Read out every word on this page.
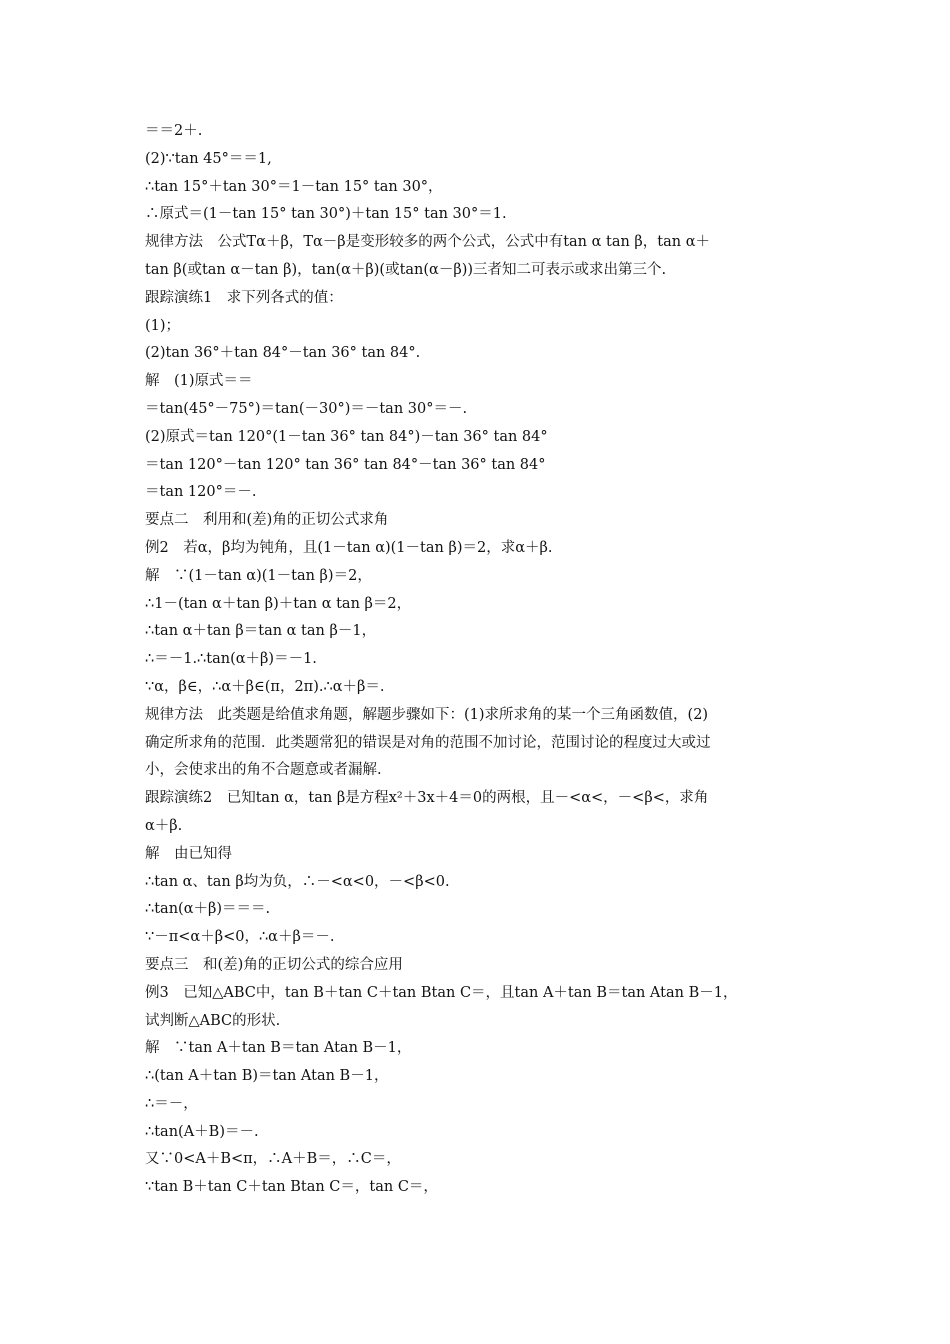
＝＝2＋.
(2)∵tan 45°＝＝1,
∴tan 15°＋tan 30°＝1－tan 15° tan 30°，
∴原式＝(1－tan 15° tan 30°)＋tan 15° tan 30°＝1.
规律方法　公式Tα＋β，Tα－β是变形较多的两个公式，公式中有tan α tan β，tan α＋
tan β(或tan α－tan β)，tan(α＋β)(或tan(α－β))三者知二可表示或求出第三个.
跟踪演练1　求下列各式的值：
(1)；
(2)tan 36°＋tan 84°－tan 36° tan 84°.
解　(1)原式＝＝
＝tan(45°－75°)＝tan(－30°)＝－tan 30°＝－.
(2)原式＝tan 120°(1－tan 36° tan 84°)－tan 36° tan 84°
＝tan 120°－tan 120° tan 36° tan 84°－tan 36° tan 84°
＝tan 120°＝－.
要点二　利用和(差)角的正切公式求角
例2　若α，β均为钝角，且(1－tan α)(1－tan β)＝2，求α＋β.
解　∵(1－tan α)(1－tan β)＝2，
∴1－(tan α＋tan β)＋tan α tan β＝2，
∴tan α＋tan β＝tan α tan β－1，
∴＝－1.∴tan(α＋β)＝－1.
∵α，β∈，∴α＋β∈(π，2π).∴α＋β＝.
规律方法　此类题是给值求角题，解题步骤如下：(1)求所求角的某一个三角函数值，(2)
确定所求角的范围．此类题常犯的错误是对角的范围不加讨论，范围讨论的程度过大或过
小，会使求出的角不合题意或者漏解.
跟踪演练2　已知tan α，tan β是方程x²＋3x＋4＝0的两根，且－<α<，－<β<，求角
α＋β.
解　由已知得
∴tan α、tan β均为负，∴－<α<0，－<β<0.
∴tan(α＋β)＝＝＝.
∵－π<α＋β<0，∴α＋β＝－.
要点三　和(差)角的正切公式的综合应用
例3　已知△ABC中，tan B＋tan C＋tan Btan C＝，且tan A＋tan B＝tan Atan B－1，
试判断△ABC的形状.
解　∵tan A＋tan B＝tan Atan B－1，
∴(tan A＋tan B)＝tan Atan B－1，
∴＝－，
∴tan(A＋B)＝－.
又∵0<A＋B<π，∴A＋B＝，∴C＝，
∵tan B＋tan C＋tan Btan C＝，tan C＝，
